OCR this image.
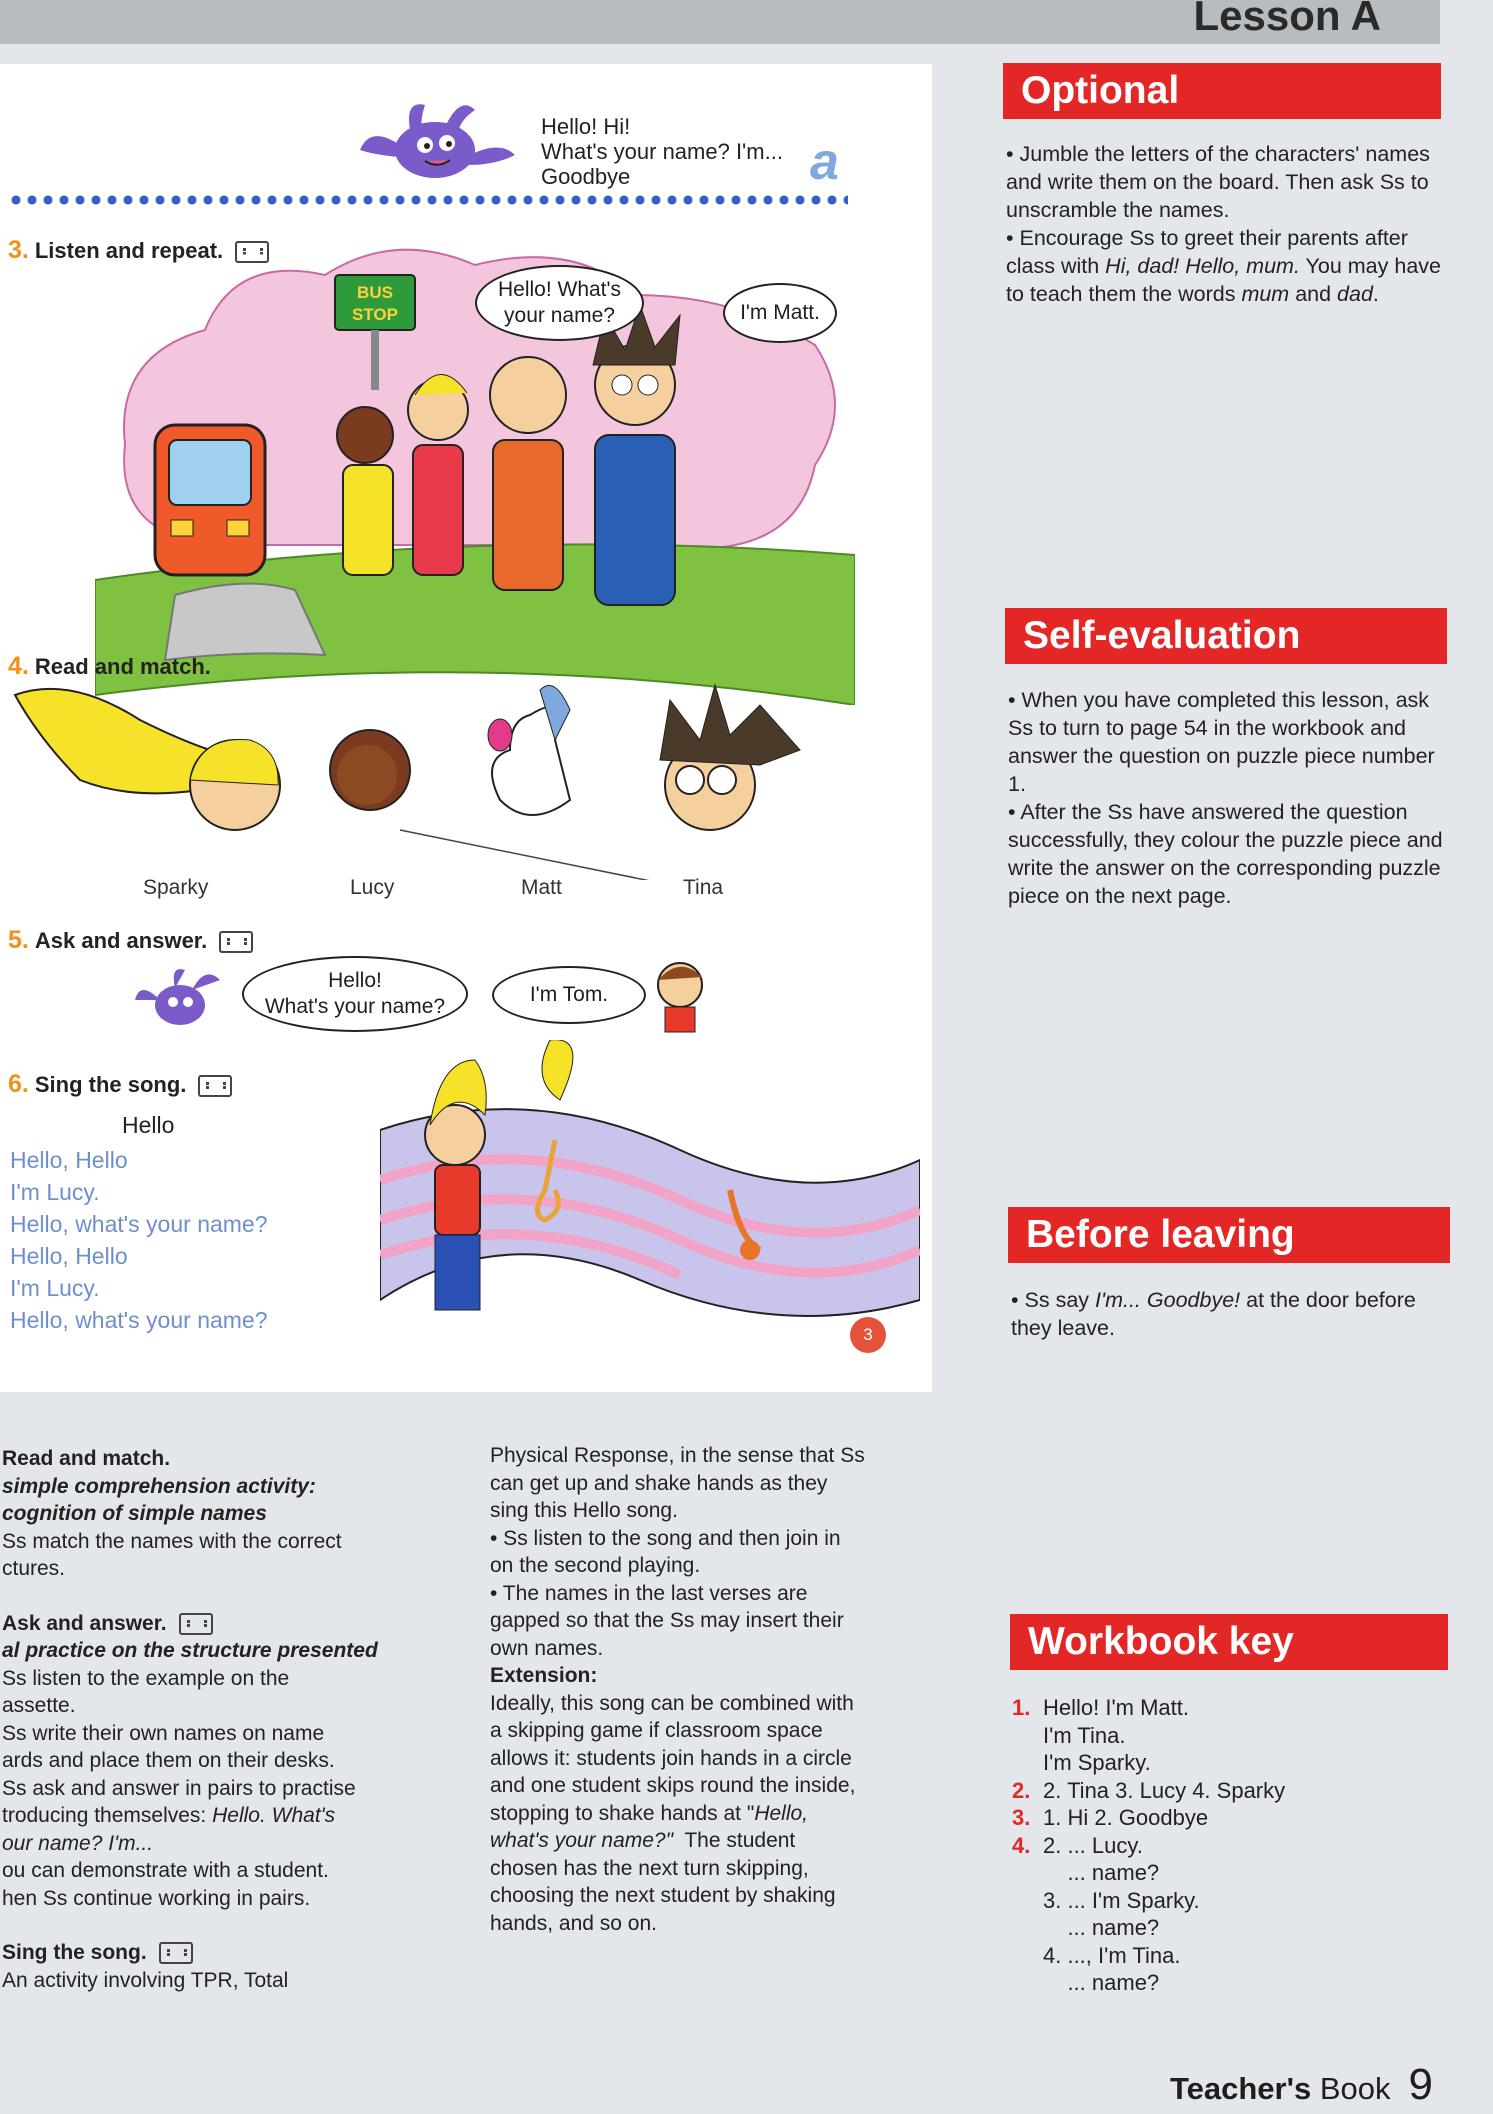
Lesson A
Hello! Hi!
What's your name? I'm...
Goodbye	a
3. Listen and repeat.
BUS
STOP
Hello! What's your name?	I'm Matt.
4. Read and match.
Sparky	Lucy	Matt	Tina
5. Ask and answer.
Hello!
What's your name?
I'm Tom.
6. Sing the song.
Hello
Hello, Hello
I'm Lucy.
Hello, what's your name?
Hello, Hello
I'm Lucy.
Hello, what's your name?
3
Optional

• Jumble the letters of the characters' names and write them on the board. Then ask Ss to unscramble the names.

• Encourage Ss to greet their parents after class with Hi, dad! Hello, mum. You may have to teach them the words mum and dad.

Self-evaluation

• When you have completed this lesson, ask Ss to turn to page 54 in the workbook and answer the question on puzzle piece number 1.

• After the Ss have answered the question successfully, they colour the puzzle piece and write the answer on the corresponding puzzle piece on the next page.

Before leaving

• Ss say I'm... Goodbye! at the door before they leave.

Workbook key
1. Hello! I'm Matt.
I'm Tina.
I'm Sparky.
2. 2. Tina 3. Lucy 4. Sparky
3. 1. Hi 2. Goodbye
4. 2. ... Lucy.
... name?
3. ... I'm Sparky.
... name?
4. ..., I'm Tina.
... name?

Read and match.

simple comprehension activity:

cognition of simple names

Ss match the names with the correct

ctures.

Ask and answer.

al practice on the structure presented

Ss listen to the example on the

assette.

Ss write their own names on name

ards and place them on their desks.

Ss ask and answer in pairs to practise

troducing themselves: Hello. What's

our name? I'm...

ou can demonstrate with a student.

hen Ss continue working in pairs.

Sing the song.

An activity involving TPR, Total

Physical Response, in the sense that Ss

can get up and shake hands as they

sing this Hello song.

• Ss listen to the song and then join in

on the second playing.

• The names in the last verses are

gapped so that the Ss may insert their

own names.

Extension:

Ideally, this song can be combined with

a skipping game if classroom space

allows it: students join hands in a circle

and one student skips round the inside,

stopping to shake hands at "Hello,

what's your name?"  The student

chosen has the next turn skipping,

choosing the next student by shaking

hands, and so on.

Teacher's Book 9
